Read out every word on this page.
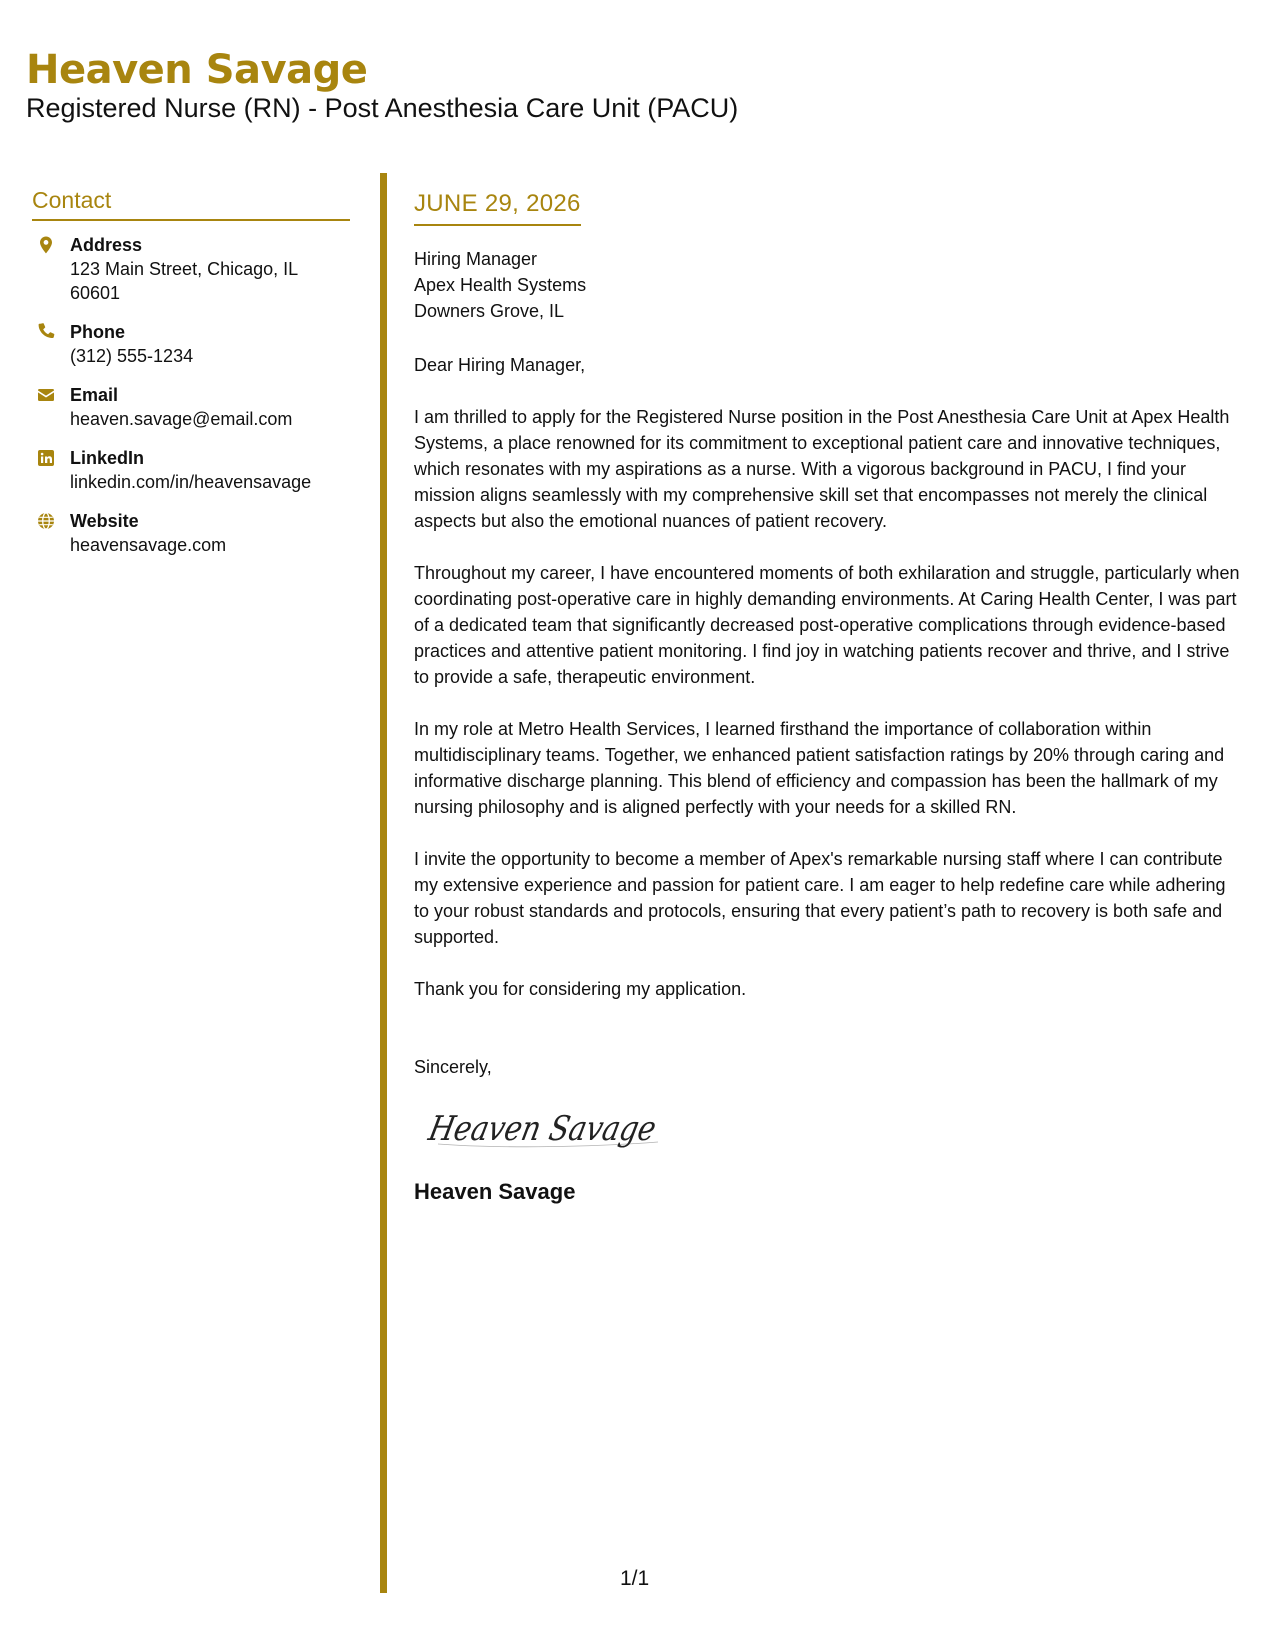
Heaven Savage
Registered Nurse (RN) - Post Anesthesia Care Unit (PACU)
Contact
Address
123 Main Street, Chicago, IL 60601
Phone
(312) 555-1234
Email
heaven.savage@email.com
LinkedIn
linkedin.com/in/heavensavage
Website
heavensavage.com
JUNE 29, 2026
Hiring Manager
Apex Health Systems
Downers Grove, IL
Dear Hiring Manager,
I am thrilled to apply for the Registered Nurse position in the Post Anesthesia Care Unit at Apex Health Systems, a place renowned for its commitment to exceptional patient care and innovative techniques, which resonates with my aspirations as a nurse. With a vigorous background in PACU, I find your mission aligns seamlessly with my comprehensive skill set that encompasses not merely the clinical aspects but also the emotional nuances of patient recovery.
Throughout my career, I have encountered moments of both exhilaration and struggle, particularly when coordinating post-operative care in highly demanding environments. At Caring Health Center, I was part of a dedicated team that significantly decreased post-operative complications through evidence-based practices and attentive patient monitoring. I find joy in watching patients recover and thrive, and I strive to provide a safe, therapeutic environment.
In my role at Metro Health Services, I learned firsthand the importance of collaboration within multidisciplinary teams. Together, we enhanced patient satisfaction ratings by 20% through caring and informative discharge planning. This blend of efficiency and compassion has been the hallmark of my nursing philosophy and is aligned perfectly with your needs for a skilled RN.
I invite the opportunity to become a member of Apex's remarkable nursing staff where I can contribute my extensive experience and passion for patient care. I am eager to help redefine care while adhering to your robust standards and protocols, ensuring that every patient’s path to recovery is both safe and supported.
Thank you for considering my application.
Sincerely,
Heaven Savage
Heaven Savage
1/1
